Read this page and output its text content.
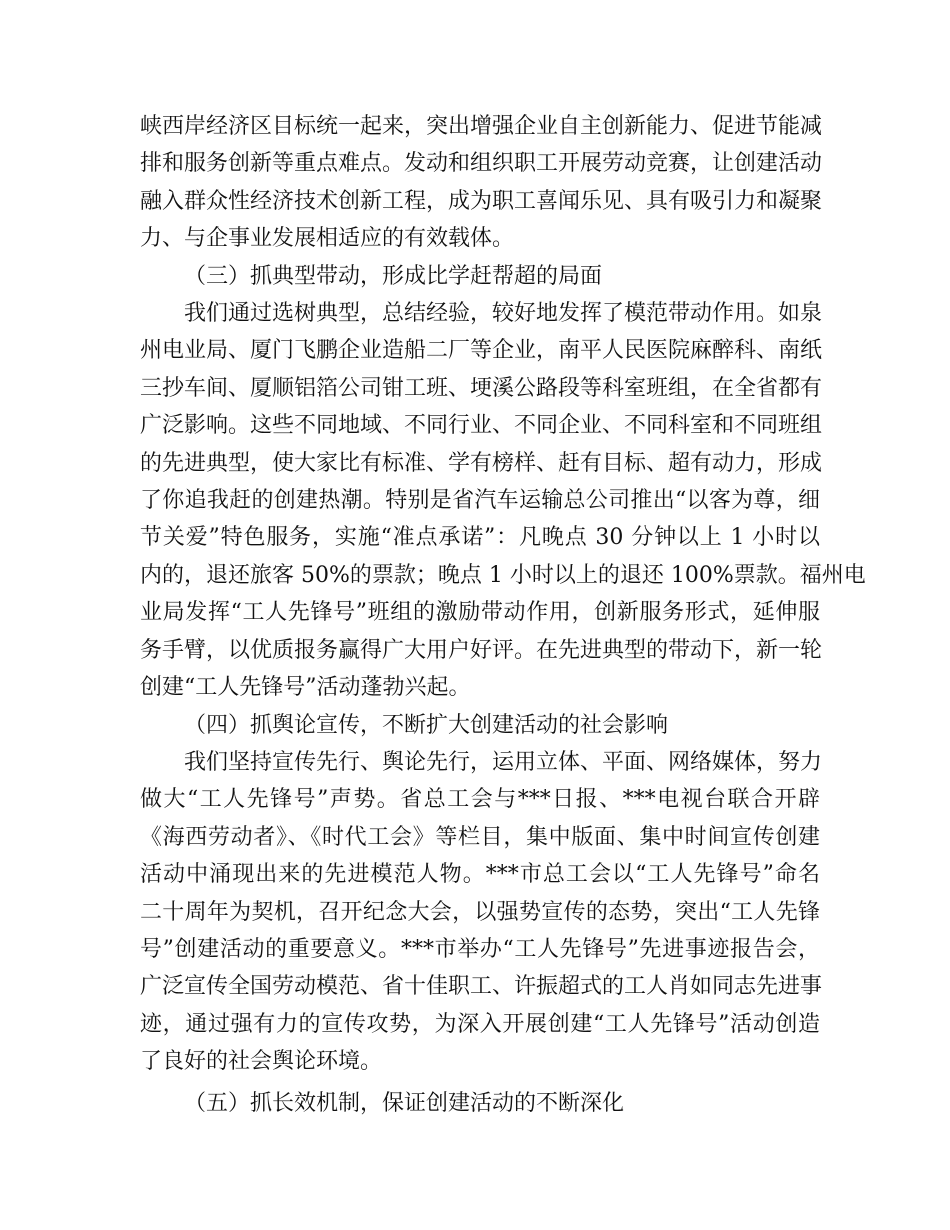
峡西岸经济区目标统一起来，突出增强企业自主创新能力、促进节能减
排和服务创新等重点难点。发动和组织职工开展劳动竞赛，让创建活动
融入群众性经济技术创新工程，成为职工喜闻乐见、具有吸引力和凝聚
力、与企事业发展相适应的有效载体。
（三）抓典型带动，形成比学赶帮超的局面
我们通过选树典型，总结经验，较好地发挥了模范带动作用。如泉
州电业局、厦门飞鹏企业造船二厂等企业，南平人民医院麻醉科、南纸
三抄车间、厦顺铝箔公司钳工班、埂溪公路段等科室班组，在全省都有
广泛影响。这些不同地域、不同行业、不同企业、不同科室和不同班组
的先进典型，使大家比有标准、学有榜样、赶有目标、超有动力，形成
了你追我赶的创建热潮。特别是省汽车运输总公司推出“以客为尊，细
节关爱”特色服务，实施“准点承诺”：凡晚点 30 分钟以上 1 小时以
内的，退还旅客 50%的票款；晚点 1 小时以上的退还 100%票款。福州电
业局发挥“工人先锋号”班组的激励带动作用，创新服务形式，延伸服
务手臂，以优质报务赢得广大用户好评。在先进典型的带动下，新一轮
创建“工人先锋号”活动蓬勃兴起。
（四）抓舆论宣传，不断扩大创建活动的社会影响
我们坚持宣传先行、舆论先行，运用立体、平面、网络媒体，努力
做大“工人先锋号”声势。省总工会与***日报、***电视台联合开辟
《海西劳动者》、《时代工会》等栏目，集中版面、集中时间宣传创建
活动中涌现出来的先进模范人物。***市总工会以“工人先锋号”命名
二十周年为契机，召开纪念大会，以强势宣传的态势，突出“工人先锋
号”创建活动的重要意义。***市举办“工人先锋号”先进事迹报告会，
广泛宣传全国劳动模范、省十佳职工、许振超式的工人肖如同志先进事
迹，通过强有力的宣传攻势，为深入开展创建“工人先锋号”活动创造
了良好的社会舆论环境。
（五）抓长效机制，保证创建活动的不断深化
